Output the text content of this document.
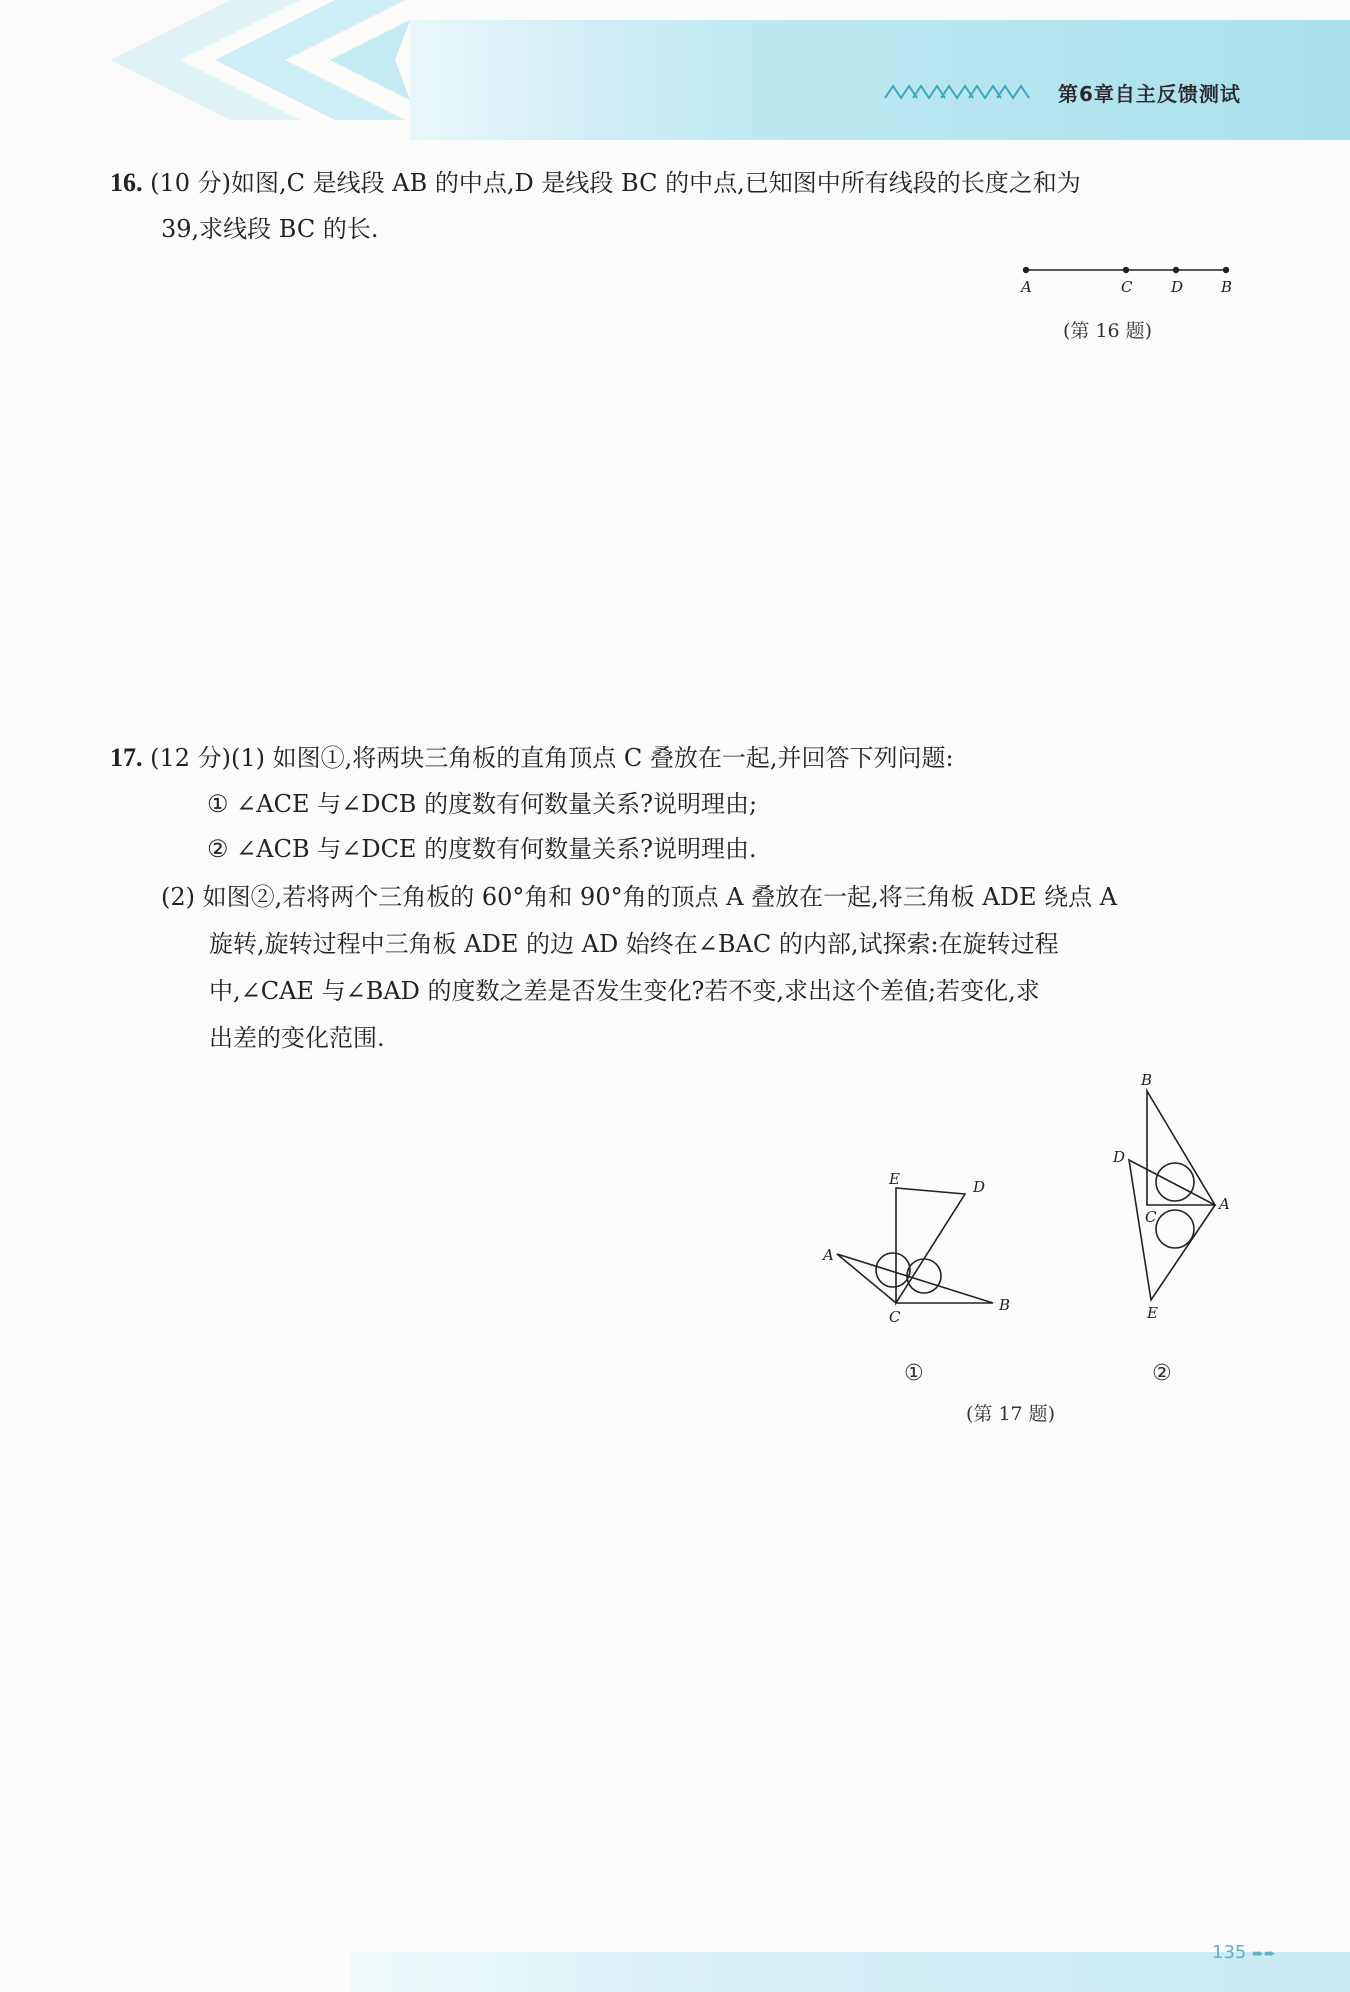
第6章自主反馈测试
16. (10 分)如图,C 是线段 AB 的中点,D 是线段 BC 的中点,已知图中所有线段的长度之和为
39,求线段 BC 的长.
A	C	D	B
(第 16 题)
17. (12 分)(1) 如图①,将两块三角板的直角顶点 C 叠放在一起,并回答下列问题:
① ∠ACE 与∠DCB 的度数有何数量关系?说明理由;
② ∠ACB 与∠DCE 的度数有何数量关系?说明理由.
(2) 如图②,若将两个三角板的 60°角和 90°角的顶点 A 叠放在一起,将三角板 ADE 绕点 A
旋转,旋转过程中三角板 ADE 的边 AD 始终在∠BAC 的内部,试探索:在旋转过程
中,∠CAE 与∠BAD 的度数之差是否发生变化?若不变,求出这个差值;若变化,求
出差的变化范围.
A
E	D
C
B
①
B
D
C
A
E
②
(第 17 题)
135 ➨➨
